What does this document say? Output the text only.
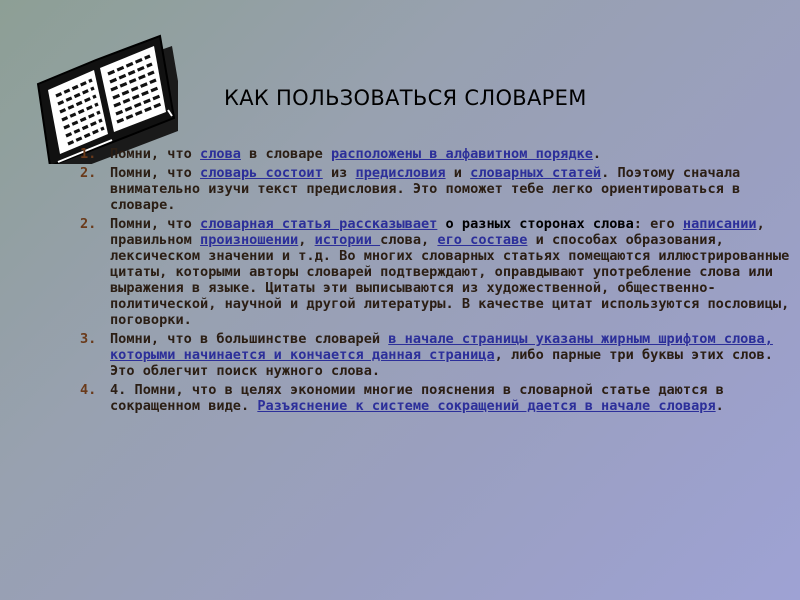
КАК ПОЛЬЗОВАТЬСЯ СЛОВАРЕМ
1. Помни, что слова в словаре расположены в алфавитном порядке.
2. Помни, что словарь состоит из предисловия и словарных статей. Поэтому сначала внимательно изучи текст предисловия. Это поможет тебе легко ориентироваться в словаре.
2. Помни, что словарная статья рассказывает о разных сторонах слова: его написании, правильном произношении, истории слова, его составе и способах образования, лексическом значении и т.д. Во многих словарных статьях помещаются иллюстрированные цитаты, которыми авторы словарей подтверждают, оправдывают употребление слова или выражения в языке. Цитаты эти выписываются из художественной, общественно-политической, научной и другой литературы. В качестве цитат используются пословицы, поговорки.
3. Помни, что в большинстве словарей в начале страницы указаны жирным шрифтом слова, которыми начинается и кончается данная страница, либо парные три буквы этих слов. Это облегчит поиск нужного слова.
4. 4. Помни, что в целях экономии многие пояснения в словарной статье даются в сокращенном виде. Разъяснение к системе сокращений дается в начале словаря.
